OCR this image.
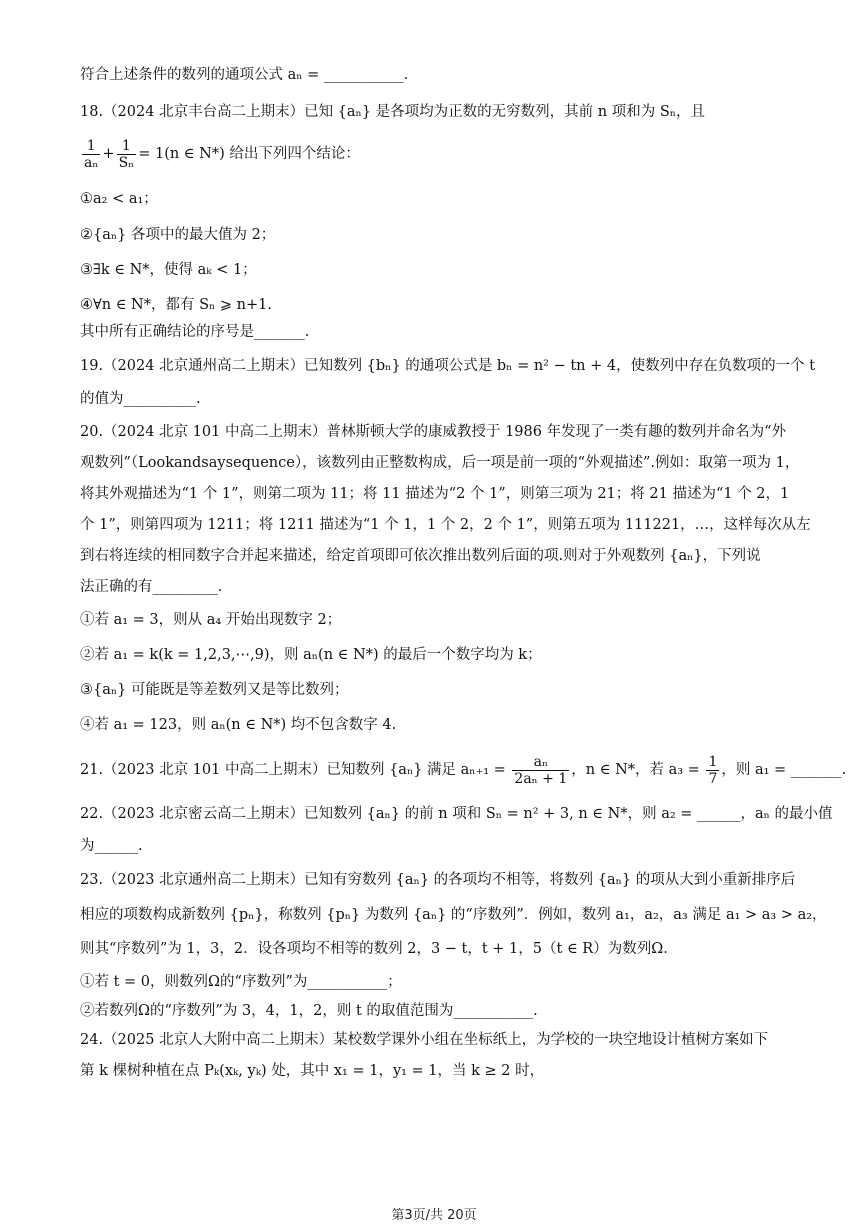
符合上述条件的数列的通项公式 aₙ = ___________.
18.（2024 北京丰台高二上期末）已知 {aₙ} 是各项均为正数的无穷数列，其前 n 项和为 Sₙ，且
$\frac{1}{\text{aₙ}} + \frac{1}{\text{Sₙ}} = 1(n$ ∈ N*) 给出下列四个结论：
①a₂ < a₁；
②{aₙ} 各项中的最大值为 2；
③∃k ∈ N*，使得 aₖ < 1；
④∀n ∈ N*，都有 Sₙ ⩾ n+1.
其中所有正确结论的序号是_______.
19.（2024 北京通州高二上期末）已知数列 {bₙ} 的通项公式是 bₙ = n² − tn + 4，使数列中存在负数项的一个 t
的值为__________.
20.（2024 北京 101 中高二上期末）普林斯顿大学的康威教授于 1986 年发现了一类有趣的数列并命名为“外
观数列”（Lookandsaysequence），该数列由正整数构成，后一项是前一项的“外观描述”.例如：取第一项为 1，
将其外观描述为“1 个 1”，则第二项为 11；将 11 描述为“2 个 1”，则第三项为 21；将 21 描述为“1 个 2，1
个 1”，则第四项为 1211；将 1211 描述为“1 个 1，1 个 2，2 个 1”，则第五项为 111221，…，这样每次从左
到右将连续的相同数字合并起来描述，给定首项即可依次推出数列后面的项.则对于外观数列 {aₙ}，下列说
法正确的有_________.
①若 a₁ = 3，则从 a₄ 开始出现数字 2；
②若 a₁ = k(k = 1,2,3,⋯,9)，则 aₙ(n ∈ N*) 的最后一个数字均为 k；
③{aₙ} 可能既是等差数列又是等比数列；
④若 a₁ = 123，则 aₙ(n ∈ N*) 均不包含数字 4.
21.（2023 北京 101 中高二上期末）已知数列 {aₙ} 满足 $a_{n+1} = \frac{\text{aₙ}}{\text{2aₙ + 1}}$ ，n ∈ N*，若 $a_3 = \frac{1}{7}$ ，则 a₁ = _______.
22.（2023 北京密云高二上期末）已知数列 {aₙ} 的前 n 项和 Sₙ = n² + 3, n ∈ N*，则 a₂ = ______，aₙ 的最小值
为______.
23.（2023 北京通州高二上期末）已知有穷数列 {aₙ} 的各项均不相等，将数列 {aₙ} 的项从大到小重新排序后
相应的项数构成新数列 {pₙ}，称数列 {pₙ} 为数列 {aₙ} 的“序数列”．例如，数列 a₁，a₂，a₃ 满足 a₁ > a₃ > a₂，
则其“序数列”为 1，3，2．设各项均不相等的数列 2，3 − t，t + 1，5（t ∈ R）为数列Ω．
①若 t = 0，则数列Ω的“序数列”为___________；
②若数列Ω的“序数列”为 3，4，1，2，则 t 的取值范围为___________.
24.（2025 北京人大附中高二上期末）某校数学课外小组在坐标纸上，为学校的一块空地设计植树方案如下
第 k 棵树种植在点 Pₖ(xₖ, yₖ) 处，其中 x₁ = 1，y₁ = 1，当 k ≥ 2 时，
第3页/共 20页
